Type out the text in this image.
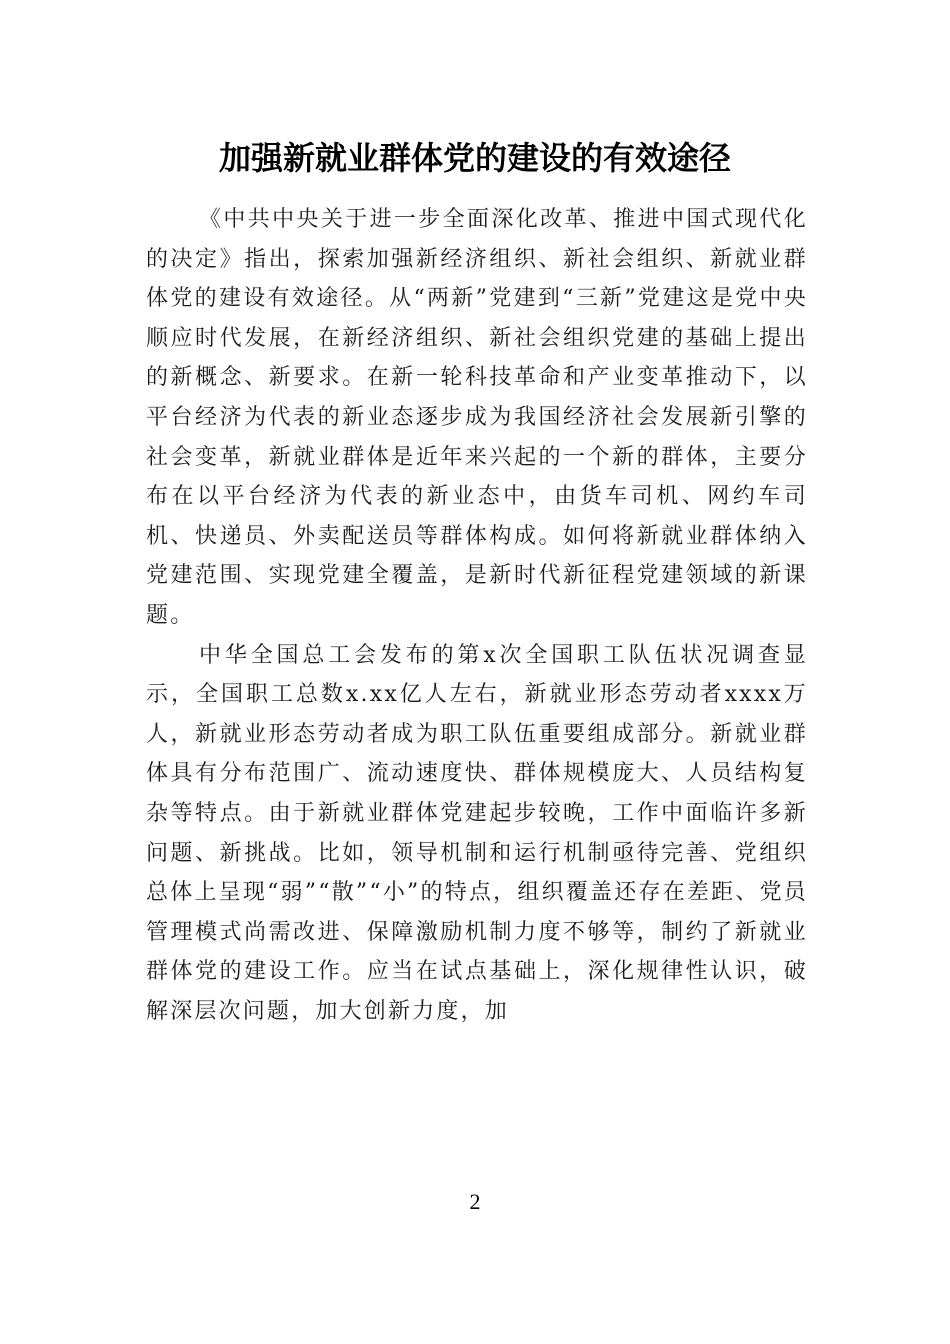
加强新就业群体党的建设的有效途径

《中共中央关于进一步全面深化改革、推进中国式现代化的决定》指出，探索加强新经济组织、新社会组织、新就业群体党的建设有效途径。从“两新”党建到“三新”党建这是党中央顺应时代发展，在新经济组织、新社会组织党建的基础上提出的新概念、新要求。在新一轮科技革命和产业变革推动下，以平台经济为代表的新业态逐步成为我国经济社会发展新引擎的社会变革，新就业群体是近年来兴起的一个新的群体，主要分布在以平台经济为代表的新业态中，由货车司机、网约车司机、快递员、外卖配送员等群体构成。如何将新就业群体纳入党建范围、实现党建全覆盖，是新时代新征程党建领域的新课题。

中华全国总工会发布的第x次全国职工队伍状况调查显示，全国职工总数x.xx亿人左右，新就业形态劳动者xxxx万人，新就业形态劳动者成为职工队伍重要组成部分。新就业群体具有分布范围广、流动速度快、群体规模庞大、人员结构复杂等特点。由于新就业群体党建起步较晚，工作中面临许多新问题、新挑战。比如，领导机制和运行机制亟待完善、党组织总体上呈现“弱”“散”“小”的特点，组织覆盖还存在差距、党员管理模式尚需改进、保障激励机制力度不够等，制约了新就业群体党的建设工作。应当在试点基础上，深化规律性认识，破解深层次问题，加大创新力度，加

2
